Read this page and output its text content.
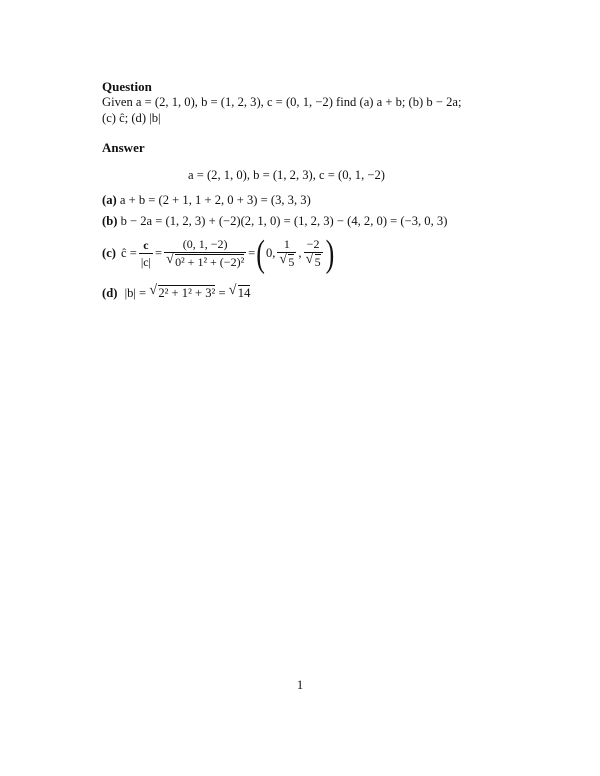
Question
Given a = (2, 1, 0), b = (1, 2, 3), c = (0, 1, −2) find (a) a + b; (b) b − 2a;
(c) ĉ; (d) |b|
Answer
a = (2, 1, 0), b = (1, 2, 3), c = (0, 1, −2)
(a) a + b = (2 + 1, 1 + 2, 0 + 3) = (3, 3, 3)
(b) b − 2a = (1, 2, 3) + (−2)(2, 1, 0) = (1, 2, 3) − (4, 2, 0) = (−3, 0, 3)
(c) ĉ = $\frac{c}{|c|} = (0$, 1, −2)
√ 0² + 1² + (−2)² = ( 0, 1
√ 5 , −2
√ 5 )
(d) |b| = √ 2² + 1² + 3² = √ 14
1
